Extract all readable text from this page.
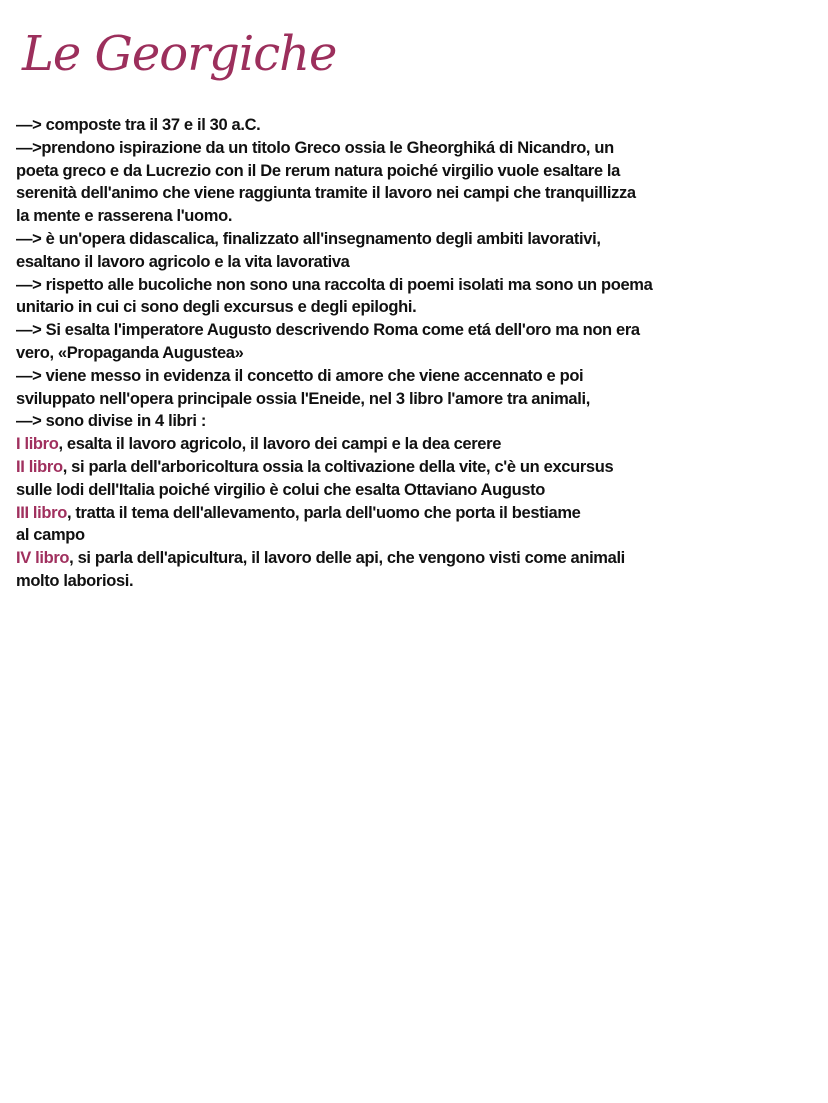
Le Georgiche
—> composte tra il 37 e il 30 a.C.
—>prendono ispirazione da un titolo Greco ossia le Gheorghiká di Nicandro, un
poeta greco e da Lucrezio con il De rerum natura poiché virgilio vuole esaltare la
serenità dell'animo che viene raggiunta tramite il lavoro nei campi che tranquillizza
la mente e rasserena l'uomo.
—> è un'opera didascalica, finalizzato all'insegnamento degli ambiti lavorativi,
esaltano il lavoro agricolo e la vita lavorativa
—> rispetto alle bucoliche non sono una raccolta di poemi isolati ma sono un poema
unitario in cui ci sono degli excursus e degli epiloghi.
—> Si esalta l'imperatore Augusto descrivendo Roma come etá dell'oro ma non era
vero, «Propaganda Augustea»
—> viene messo in evidenza il concetto di amore che viene accennato e poi
sviluppato nell'opera principale ossia l'Eneide, nel 3 libro l'amore tra animali,
—> sono divise in 4 libri :
I libro, esalta il lavoro agricolo, il lavoro dei campi e la dea cerere
II libro, si parla dell'arboricoltura ossia la coltivazione della vite, c'è un excursus
sulle lodi dell'Italia poiché virgilio è colui che esalta Ottaviano Augusto
III libro, tratta il tema dell'allevamento, parla dell'uomo che porta il bestiame
al campo
IV libro, si parla dell'apicultura, il lavoro delle api, che vengono visti come animali
molto laboriosi.
